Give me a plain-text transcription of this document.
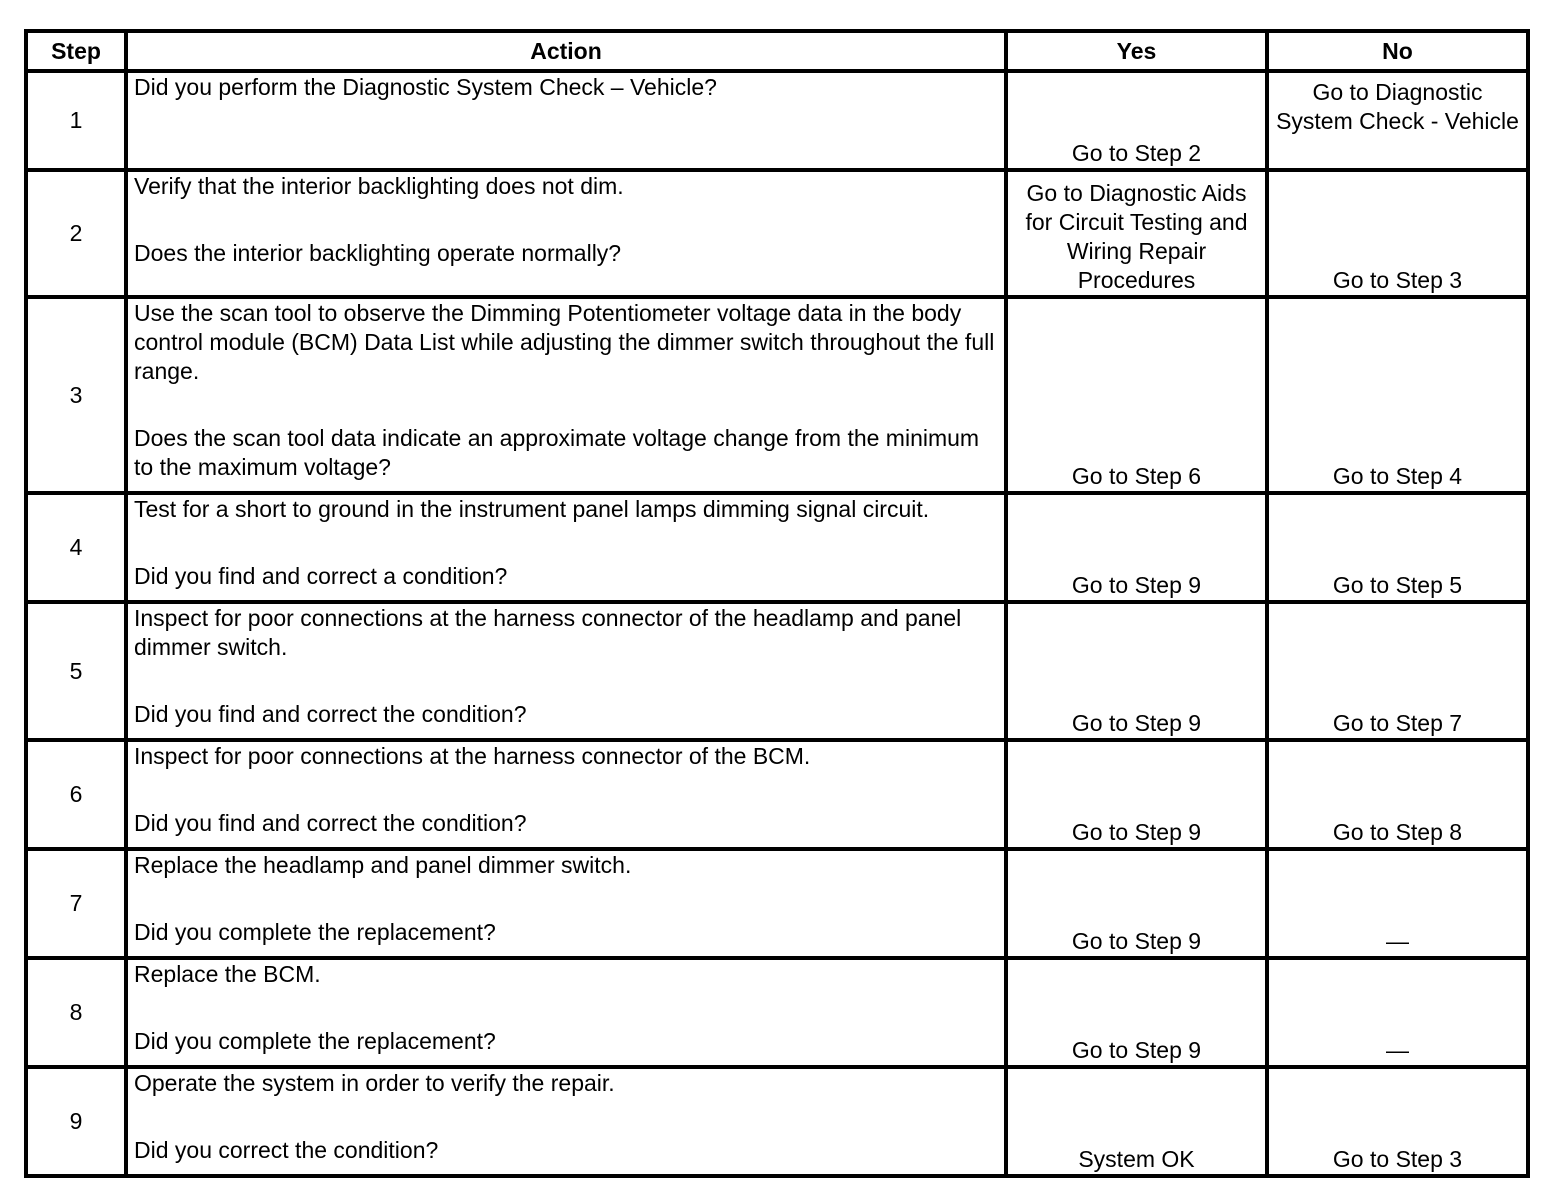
Step	Action	Yes	No
1	Did you perform the Diagnostic System Check – Vehicle?	Go to Step 2	Go to Diagnostic System Check - Vehicle
2	Verify that the interior backlighting does not dim.
Does the interior backlighting operate normally?	Go to Diagnostic Aids for Circuit Testing and Wiring Repair Procedures	Go to Step 3
3	Use the scan tool to observe the Dimming Potentiometer voltage data in the body control module (BCM) Data List while adjusting the dimmer switch throughout the full range.
Does the scan tool data indicate an approximate voltage change from the minimum to the maximum voltage?	Go to Step 6	Go to Step 4
4	Test for a short to ground in the instrument panel lamps dimming signal circuit.
Did you find and correct a condition?	Go to Step 9	Go to Step 5
5	Inspect for poor connections at the harness connector of the headlamp and panel dimmer switch.
Did you find and correct the condition?	Go to Step 9	Go to Step 7
6	Inspect for poor connections at the harness connector of the BCM.
Did you find and correct the condition?	Go to Step 9	Go to Step 8
7	Replace the headlamp and panel dimmer switch.
Did you complete the replacement?	Go to Step 9	—
8	Replace the BCM.
Did you complete the replacement?	Go to Step 9	—
9	Operate the system in order to verify the repair.
Did you correct the condition?	System OK	Go to Step 3
